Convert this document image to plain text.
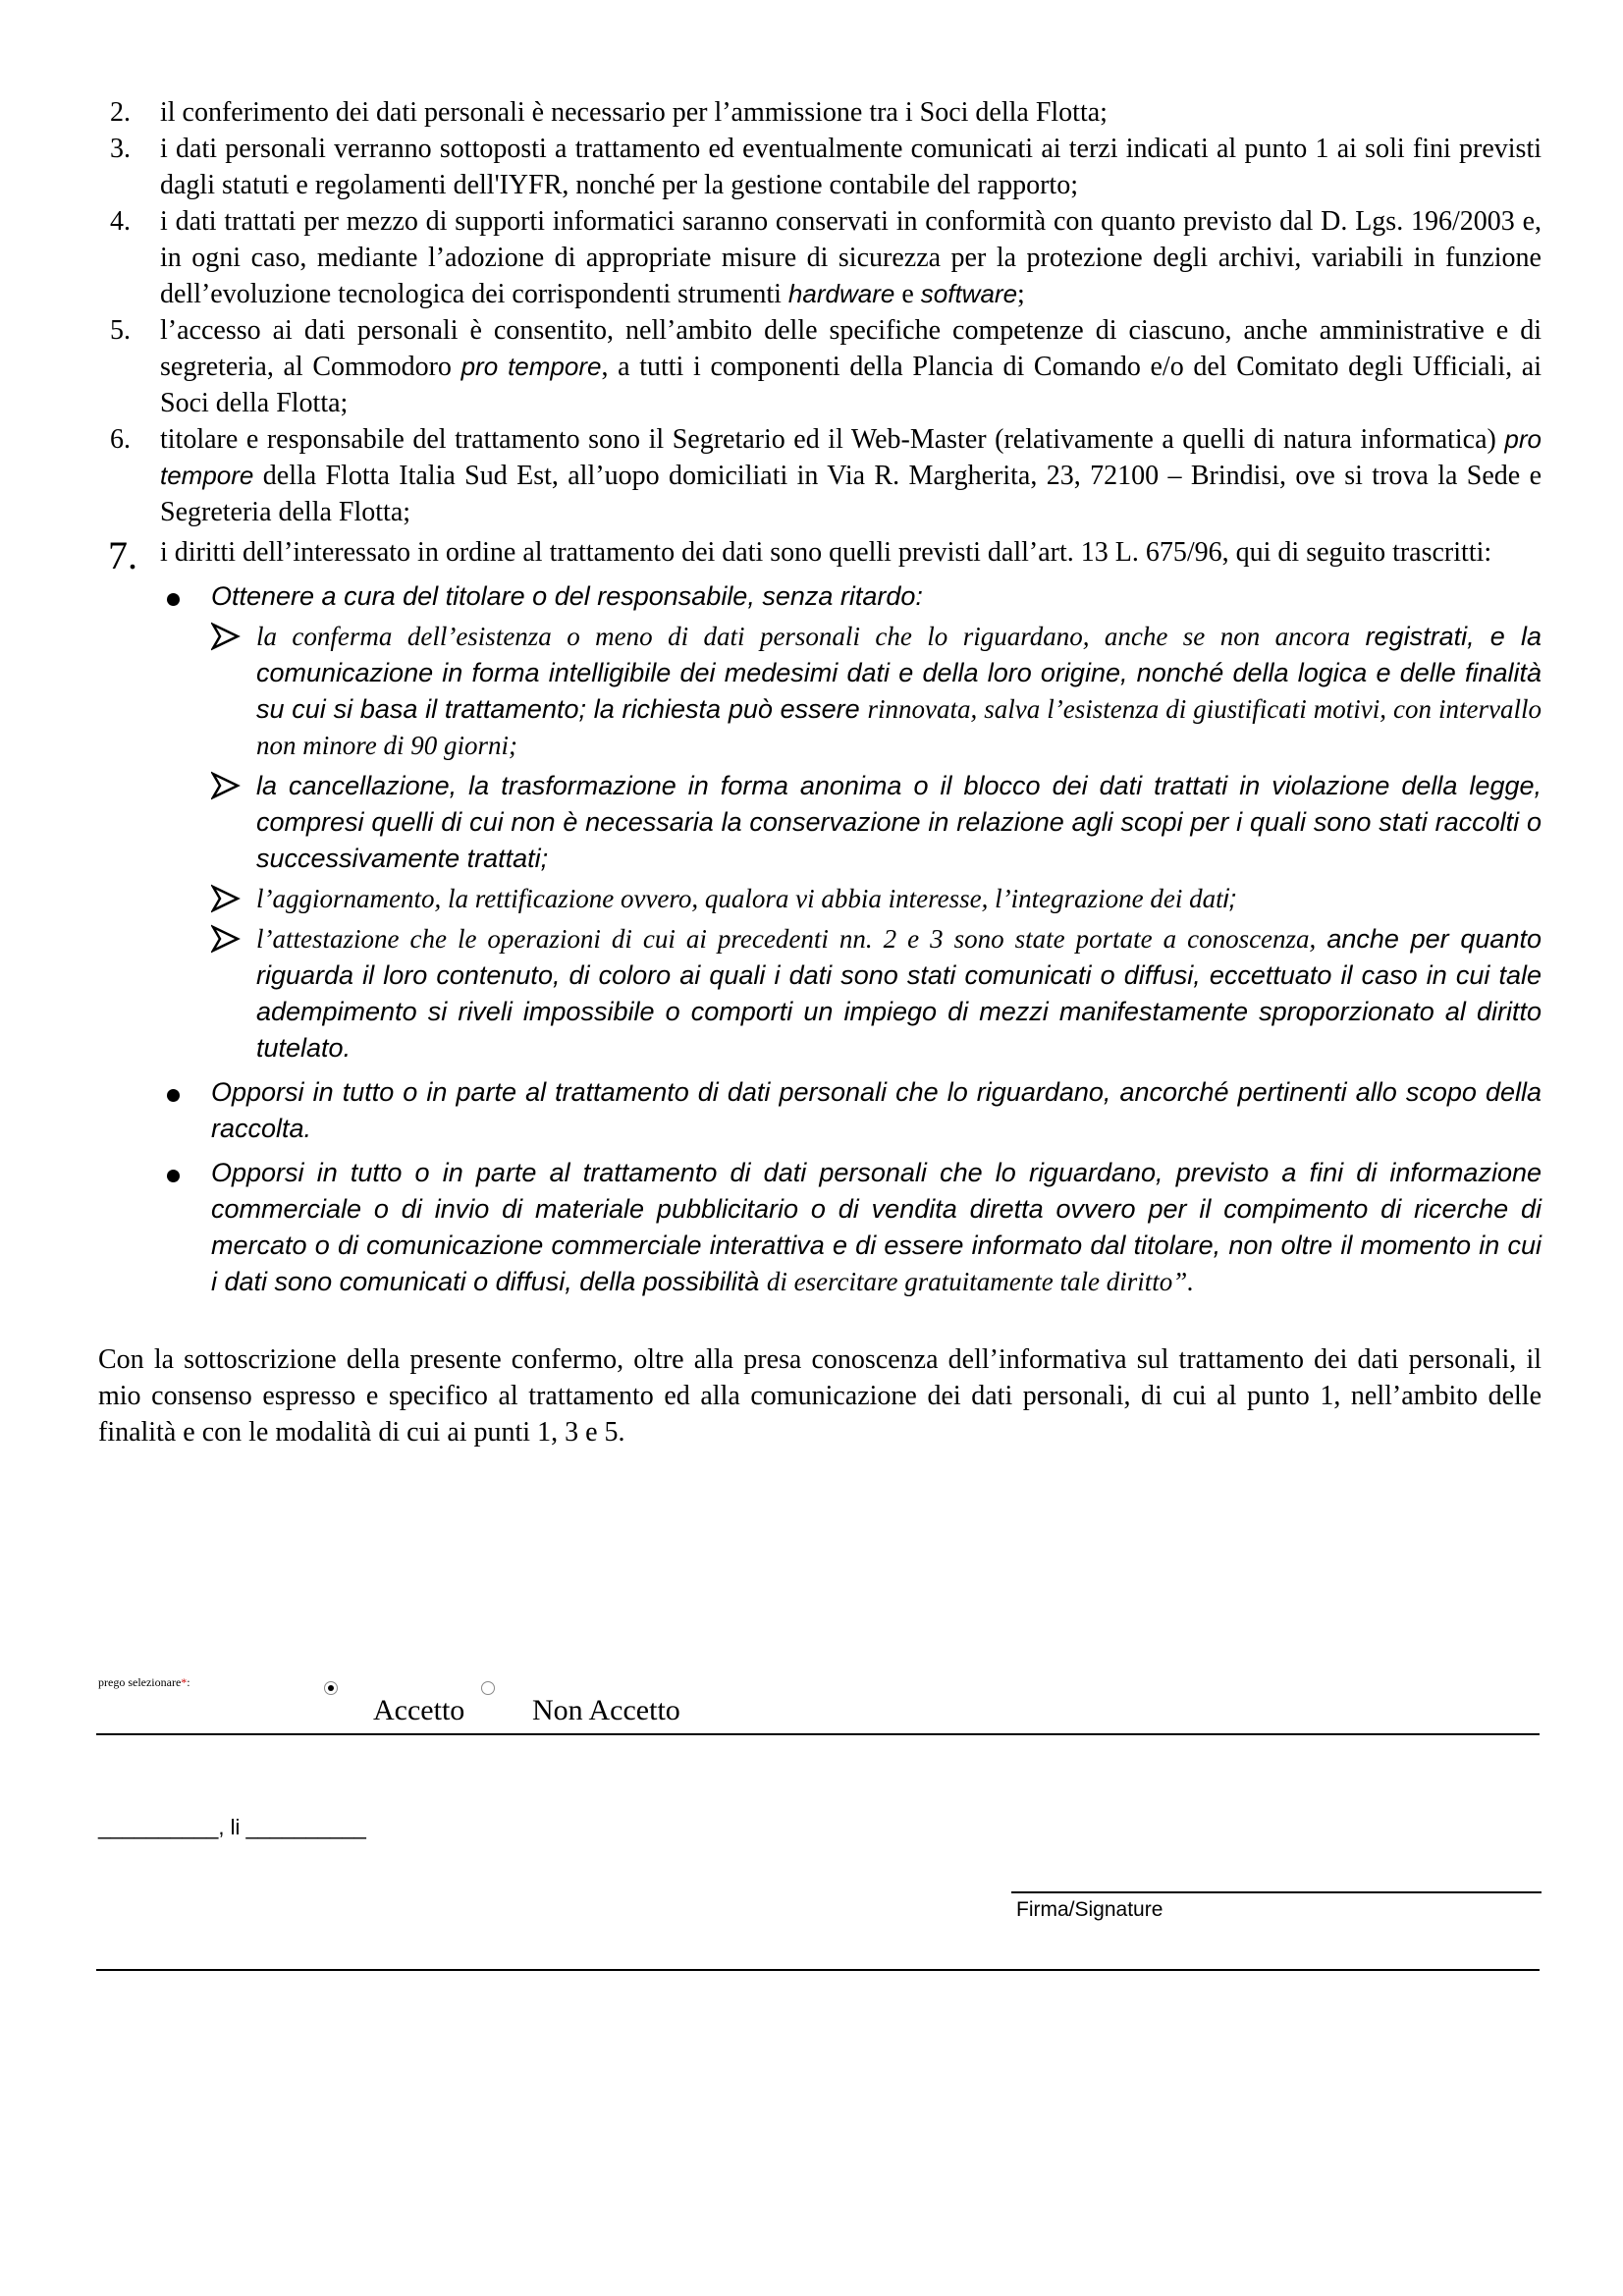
2. il conferimento dei dati personali è necessario per l’ammissione tra i Soci della Flotta;
3. i dati personali verranno sottoposti a trattamento ed eventualmente comunicati ai terzi indicati al punto 1 ai soli fini previsti dagli statuti e regolamenti dell'IYFR, nonché per la gestione contabile del rapporto;
4. i dati trattati per mezzo di supporti informatici saranno conservati in conformità con quanto previsto dal D. Lgs. 196/2003 e, in ogni caso, mediante l’adozione di appropriate misure di sicurezza per la protezione degli archivi, variabili in funzione dell’evoluzione tecnologica dei corrispondenti strumenti hardware e software;
5. l’accesso ai dati personali è consentito, nell’ambito delle specifiche competenze di ciascuno, anche amministrative e di segreteria, al Commodoro pro tempore, a tutti i componenti della Plancia di Comando e/o del Comitato degli Ufficiali, ai Soci della Flotta;
6. titolare e responsabile del trattamento sono il Segretario ed il Web-Master (relativamente a quelli di natura informatica) pro tempore della Flotta Italia Sud Est, all’uopo domiciliati in Via R. Margherita, 23, 72100 – Brindisi, ove si trova la Sede e Segreteria della Flotta;
7. i diritti dell’interessato in ordine al trattamento dei dati sono quelli previsti dall’art. 13 L. 675/96, qui di seguito trascritti:
Ottenere a cura del titolare o del responsabile, senza ritardo:
la conferma dell’esistenza o meno di dati personali che lo riguardano, anche se non ancora registrati, e la comunicazione in forma intelligibile dei medesimi dati e della loro origine, nonché della logica e delle finalità su cui si basa il trattamento; la richiesta può essere rinnovata, salva l’esistenza di giustificati motivi, con intervallo non minore di 90 giorni;
la cancellazione, la trasformazione in forma anonima o il blocco dei dati trattati in violazione della legge, compresi quelli di cui non è necessaria la conservazione in relazione agli scopi per i quali sono stati raccolti o successivamente trattati;
l’aggiornamento, la rettificazione ovvero, qualora vi abbia interesse, l’integrazione dei dati;
l’attestazione che le operazioni di cui ai precedenti nn. 2 e 3 sono state portate a conoscenza, anche per quanto riguarda il loro contenuto, di coloro ai quali i dati sono stati comunicati o diffusi, eccettuato il caso in cui tale adempimento si riveli impossibile o comporti un impiego di mezzi manifestamente sproporzionato al diritto tutelato.
Opporsi in tutto o in parte al trattamento di dati personali che lo riguardano, ancorché pertinenti allo scopo della raccolta.
Opporsi in tutto o in parte al trattamento di dati personali che lo riguardano, previsto a fini di informazione commerciale o di invio di materiale pubblicitario o di vendita diretta ovvero per il compimento di ricerche di mercato o di comunicazione commerciale interattiva e di essere informato dal titolare, non oltre il momento in cui i dati sono comunicati o diffusi, della possibilità di esercitare gratuitamente tale diritto”.
Con la sottoscrizione della presente confermo, oltre alla presa conoscenza dell’informativa sul trattamento dei dati personali, il mio consenso espresso e specifico al trattamento ed alla comunicazione dei dati personali, di cui al punto 1, nell’ambito delle finalità e con le modalità di cui ai punti 1, 3 e 5.
prego selezionare*:
Accetto Non Accetto
__________, li __________
Firma/Signature
